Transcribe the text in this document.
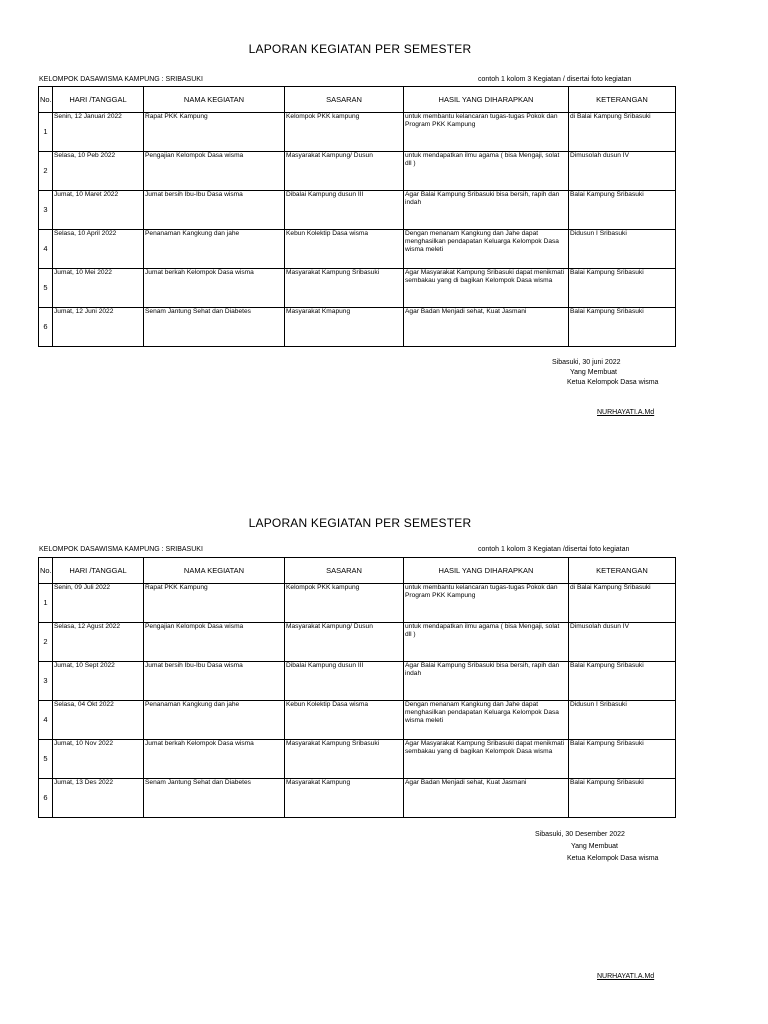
LAPORAN KEGIATAN PER SEMESTER
KELOMPOK DASAWISMA KAMPUNG : SRIBASUKI	contoh 1 kolom 3 Kegiatan / disertai foto kegiatan
No.	HARI /TANGGAL	NAMA KEGIATAN	SASARAN	HASIL YANG DIHARAPKAN	KETERANGAN
1	Senin, 12 Januari 2022	Rapat PKK Kampung	Kelompok PKK kampung	untuk membantu kelancaran tugas-tugas Pokok dan Program PKK Kampung	di Balai Kampung Sribasuki
2	Selasa, 10 Peb 2022	Pengajian Kelompok Dasa wisma	Masyarakat Kampung/ Dusun	untuk mendapatkan ilmu agama ( bisa Mengaji, solat dll )	Dimusolah dusun IV
3	Jumat, 10 Maret 2022	Jumat bersih Ibu-Ibu Dasa wisma	Dibalai Kampung dusun III	Agar Balai Kampung Sribasuki bisa bersih, rapih dan indah	Balai Kampung Sribasuki
4	Selasa, 10 April 2022	Penanaman Kangkung dan jahe	Kebun Kolektip Dasa wisma	Dengan menanam Kangkung dan Jahe dapat menghasilkan pendapatan Keluarga Kelompok Dasa wisma meleti	Didusun I Sribasuki
5	Jumat, 10 Mei 2022	Jumat berkah Kelompok Dasa wisma	Masyarakat Kampung Sribasuki	Agar Masyarakat Kampung Sribasuki dapat menikmati sembakau yang di bagikan Kelompok Dasa wisma	Balai Kampung Sribasuki
6	Jumat, 12 Juni 2022	Senam Jantung Sehat dan Diabetes	Masyarakat Kmapung	Agar Badan Menjadi sehat, Kuat Jasmani	Balai Kampung Sribasuki
Sibasuki, 30 juni 2022
Yang Membuat
Ketua Kelompok Dasa wisma
NURHAYATI.A.Md
LAPORAN KEGIATAN PER SEMESTER
KELOMPOK DASAWISMA KAMPUNG : SRIBASUKI	contoh 1 kolom 3 Kegiatan /disertai foto kegiatan
No.	HARI /TANGGAL	NAMA KEGIATAN	SASARAN	HASIL YANG DIHARAPKAN	KETERANGAN
1	Senin, 09 Juli 2022	Rapat PKK Kampung	Kelompok PKK kampung	untuk membantu kelancaran tugas-tugas Pokok dan Program PKK Kampung	di Balai Kampung Sribasuki
2	Selasa, 12 Agust 2022	Pengajian Kelompok Dasa wisma	Masyarakat Kampung/ Dusun	untuk mendapatkan ilmu agama ( bisa Mengaji, solat dll )	Dimusolah dusun IV
3	Jumat, 10 Sept 2022	Jumat bersih Ibu-Ibu Dasa wisma	Dibalai Kampung dusun III	Agar Balai Kampung Sribasuki bisa bersih, rapih dan indah	Balai Kampung Sribasuki
4	Selasa, 04 Okt 2022	Penanaman Kangkung dan jahe	Kebun Kolektip Dasa wisma	Dengan menanam Kangkung dan Jahe dapat menghasilkan pendapatan Keluarga Kelompok Dasa wisma meleti	Didusun I Sribasuki
5	Jumat, 10 Nov 2022	Jumat berkah Kelompok Dasa wisma	Masyarakat Kampung Sribasuki	Agar Masyarakat Kampung Sribasuki dapat menikmati sembakau yang di bagikan Kelompok Dasa wisma	Balai Kampung Sribasuki
6	Jumat, 13 Des 2022	Senam Jantung Sehat dan Diabetes	Masyarakat Kampung	Agar Badan Menjadi sehat, Kuat Jasmani	Balai Kampung Sribasuki
Sibasuki, 30 Desember 2022
Yang Membuat
Ketua Kelompok Dasa wisma
NURHAYATI.A.Md
